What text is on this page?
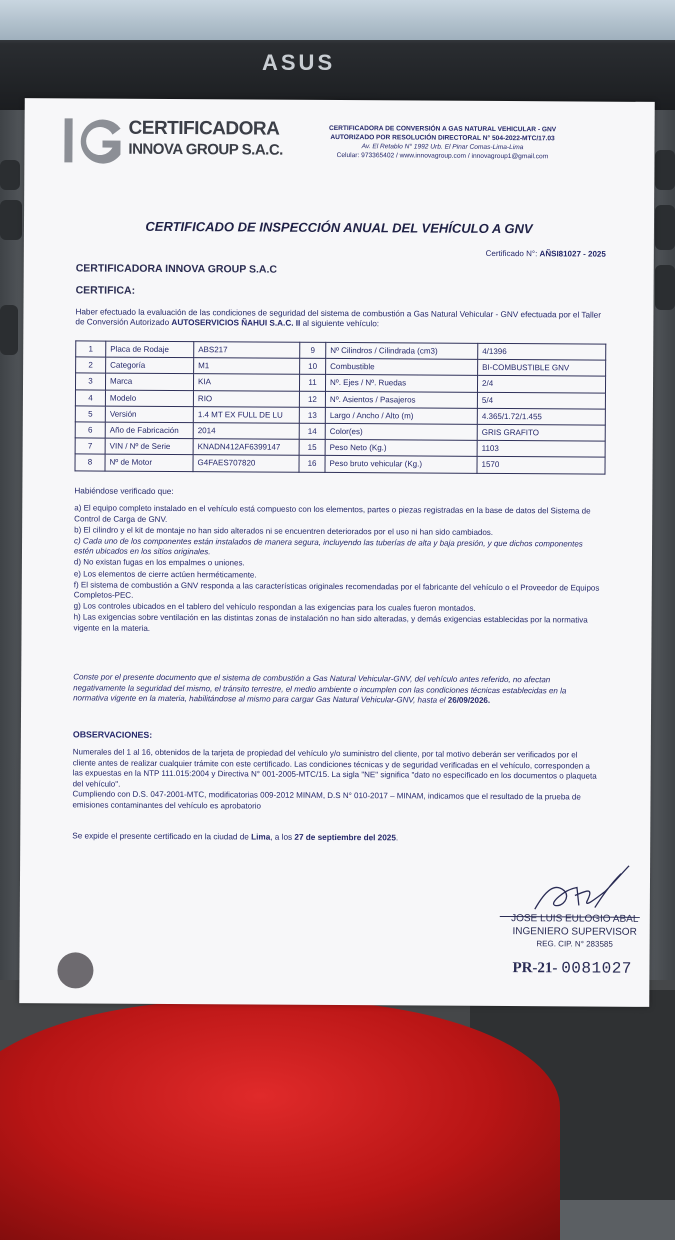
ASUS
CERTIFICADORA
INNOVA GROUP S.A.C.
CERTIFICADORA DE CONVERSIÓN A GAS NATURAL VEHICULAR - GNV
AUTORIZADO POR RESOLUCIÓN DIRECTORAL N° 504-2022-MTC/17.03
Av. El Retablo N° 1992 Urb. El Pinar Comas-Lima-Lima
Celular: 973365402 / www.innovagroup.com / innovagroup1@gmail.com
CERTIFICADO DE INSPECCIÓN ANUAL DEL VEHÍCULO A GNV
Certificado N°: AÑSI81027 - 2025
CERTIFICADORA INNOVA GROUP S.A.C
CERTIFICA:
Haber efectuado la evaluación de las condiciones de seguridad del sistema de combustión a Gas Natural Vehicular - GNV efectuada por el Taller de Conversión Autorizado AUTOSERVICIOS ÑAHUI S.A.C. II al siguiente vehículo:
1	Placa de Rodaje	ABS217	9	Nº Cilindros / Cilindrada (cm3)	4/1396
2	Categoría	M1	10	Combustible	BI-COMBUSTIBLE GNV
3	Marca	KIA	11	Nº. Ejes / Nº. Ruedas	2/4
4	Modelo	RIO	12	Nº. Asientos / Pasajeros	5/4
5	Versión	1.4 MT EX FULL DE LU	13	Largo / Ancho / Alto (m)	4.365/1.72/1.455
6	Año de Fabricación	2014	14	Color(es)	GRIS GRAFITO
7	VIN / Nº de Serie	KNADN412AF6399147	15	Peso Neto (Kg.)	1103
8	Nº de Motor	G4FAES707820	16	Peso bruto vehicular (Kg.)	1570
Habiéndose verificado que:

a) El equipo completo instalado en el vehículo está compuesto con los elementos, partes o piezas registradas en la base de datos del Sistema de Control de Carga de GNV.

b) El cilindro y el kit de montaje no han sido alterados ni se encuentren deteriorados por el uso ni han sido cambiados.

c) Cada uno de los componentes están instalados de manera segura, incluyendo las tuberías de alta y baja presión, y que dichos componentes estén ubicados en los sitios originales.

d) No existan fugas en los empalmes o uniones.

e) Los elementos de cierre actúen herméticamente.

f) El sistema de combustión a GNV responda a las características originales recomendadas por el fabricante del vehículo o el Proveedor de Equipos Completos-PEC.

g) Los controles ubicados en el tablero del vehículo respondan a las exigencias para los cuales fueron montados.

h) Las exigencias sobre ventilación en las distintas zonas de instalación no han sido alteradas, y demás exigencias establecidas por la normativa vigente en la materia.

Conste por el presente documento que el sistema de combustión a Gas Natural Vehicular-GNV, del vehículo antes referido, no afectan negativamente la seguridad del mismo, el tránsito terrestre, el medio ambiente o incumplen con las condiciones técnicas establecidas en la normativa vigente en la materia, habilitándose al mismo para cargar Gas Natural Vehicular-GNV, hasta el 26/09/2026.
OBSERVACIONES:
Numerales del 1 al 16, obtenidos de la tarjeta de propiedad del vehículo y/o suministro del cliente, por tal motivo deberán ser verificados por el cliente antes de realizar cualquier trámite con este certificado. Las condiciones técnicas y de seguridad verificadas en el vehículo, corresponden a las expuestas en la NTP 111.015:2004 y Directiva N° 001-2005-MTC/15. La sigla "NE" significa "dato no especificado en los documentos o plaqueta del vehículo".
Cumpliendo con D.S. 047-2001-MTC, modificatorias 009-2012 MINAM, D.S N° 010-2017 – MINAM, indicamos que el resultado de la prueba de emisiones contaminantes del vehículo es aprobatorio
Se expide el presente certificado en la ciudad de Lima, a los 27 de septiembre del 2025.
JOSE LUIS EULOGIO ABAL
INGENIERO SUPERVISOR
REG. CIP. N° 283585
PR-21- 0081027
